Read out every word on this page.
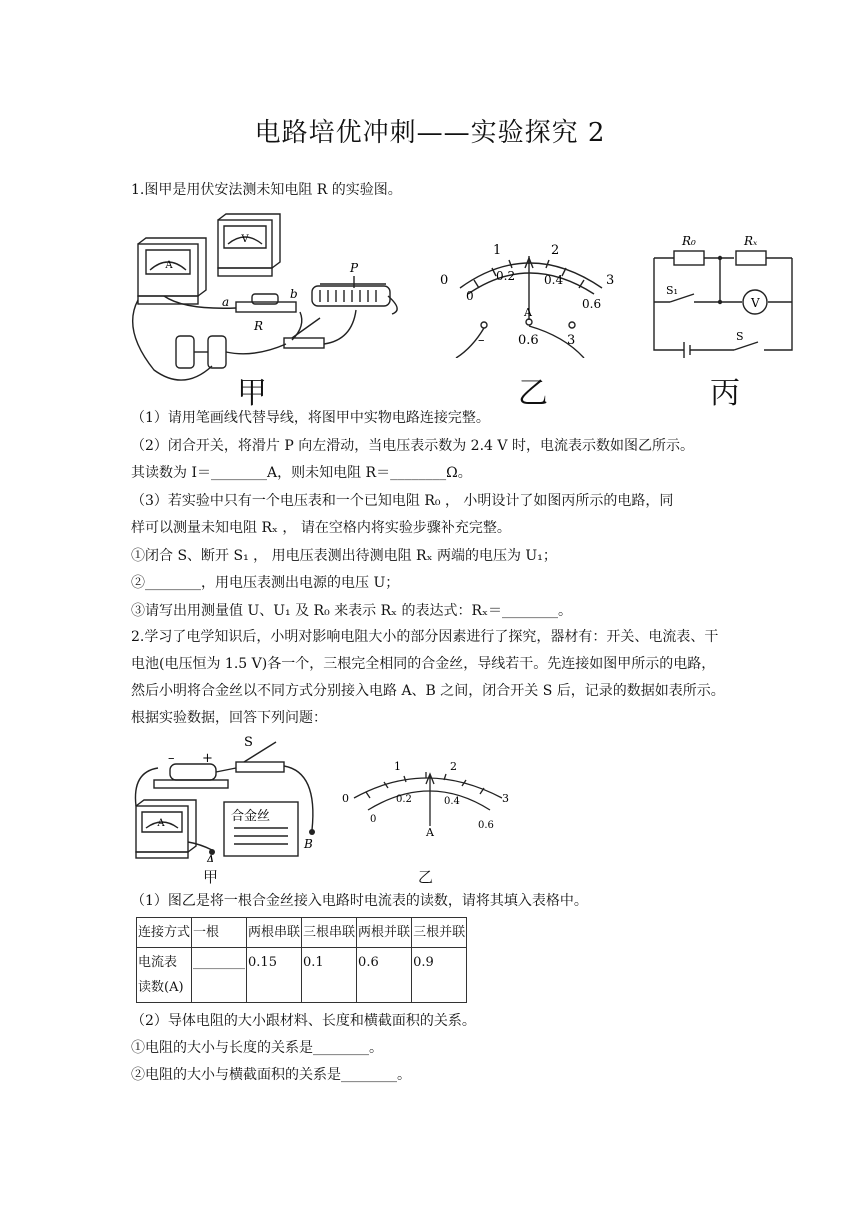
电路培优冲刺——实验探究 2
1.图甲是用伏安法测未知电阻 R 的实验图。
A
V
a
b
R
P
甲
0
1	2
3
0
0.2 0.4
0.6
A
–	0.6 3
乙
R₀	Rₓ
S₁
S
V
丙
（1）请用笔画线代替导线，将图甲中实物电路连接完整。
（2）闭合开关，将滑片 P 向左滑动，当电压表示数为 2.4 V 时，电流表示数如图乙所示。
其读数为 I＝________A，则未知电阻 R＝________Ω。
（3）若实验中只有一个电压表和一个已知电阻 R₀ ， 小明设计了如图丙所示的电路，同
样可以测量未知电阻 Rₓ ， 请在空格内将实验步骤补充完整。
①闭合 S、断开 S₁ ， 用电压表测出待测电阻 Rₓ 两端的电压为 U₁；
②________，用电压表测出电源的电压 U；
③请写出用测量值 U、U₁ 及 R₀ 来表示 Rₓ 的表达式：Rₓ＝________。
2.学习了电学知识后，小明对影响电阻大小的部分因素进行了探究，器材有：开关、电流表、干电池(电压恒为 1.5 V)各一个，三根完全相同的合金丝，导线若干。先连接如图甲所示的电路，然后小明将合金丝以不同方式分别接入电路 A、B 之间，闭合开关 S 后，记录的数据如表所示。根据实验数据，回答下列问题：
– +
S
A	合金丝
A
B
甲
0
1	2
3
0
0.2	0.4
0.6
A
乙
（1）图乙是将一根合金丝接入电路时电流表的读数，请将其填入表格中。
连接方式	一根	两根串联	三根串联	两根并联	三根并联
电流表
读数(A)	________	0.15	0.1	0.6	0.9
（2）导体电阻的大小跟材料、长度和横截面积的关系。
①电阻的大小与长度的关系是________。
②电阻的大小与横截面积的关系是________。
